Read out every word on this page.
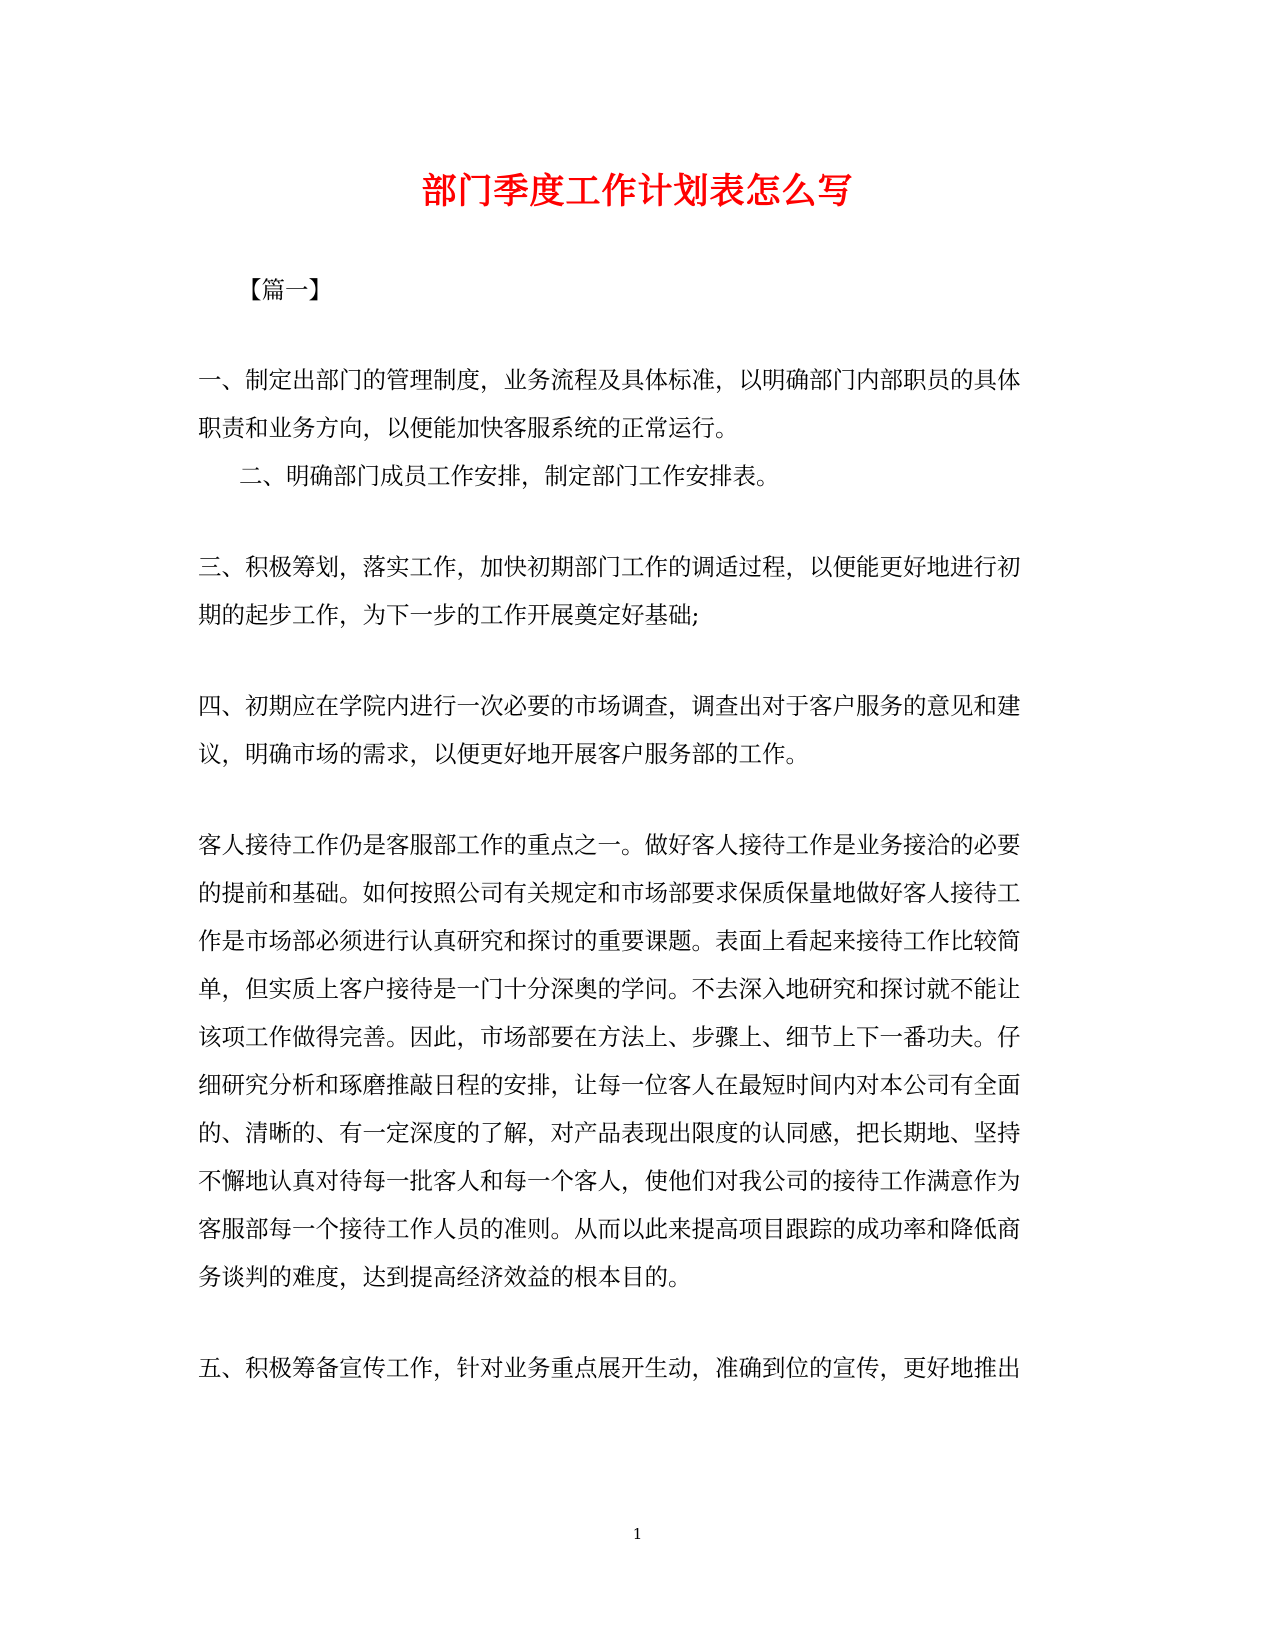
部门季度工作计划表怎么写
【篇一】
一、制定出部门的管理制度，业务流程及具体标准，以明确部门内部职员的具体
职责和业务方向，以便能加快客服系统的正常运行。
二、明确部门成员工作安排，制定部门工作安排表。
三、积极筹划，落实工作，加快初期部门工作的调适过程，以便能更好地进行初
期的起步工作，为下一步的工作开展奠定好基础;
四、初期应在学院内进行一次必要的市场调查，调查出对于客户服务的意见和建
议，明确市场的需求，以便更好地开展客户服务部的工作。
客人接待工作仍是客服部工作的重点之一。做好客人接待工作是业务接洽的必要
的提前和基础。如何按照公司有关规定和市场部要求保质保量地做好客人接待工
作是市场部必须进行认真研究和探讨的重要课题。表面上看起来接待工作比较简
单，但实质上客户接待是一门十分深奥的学问。不去深入地研究和探讨就不能让
该项工作做得完善。因此，市场部要在方法上、步骤上、细节上下一番功夫。仔
细研究分析和琢磨推敲日程的安排，让每一位客人在最短时间内对本公司有全面
的、清晰的、有一定深度的了解，对产品表现出限度的认同感，把长期地、坚持
不懈地认真对待每一批客人和每一个客人，使他们对我公司的接待工作满意作为
客服部每一个接待工作人员的准则。从而以此来提高项目跟踪的成功率和降低商
务谈判的难度，达到提高经济效益的根本目的。
五、积极筹备宣传工作，针对业务重点展开生动，准确到位的宣传，更好地推出
1
